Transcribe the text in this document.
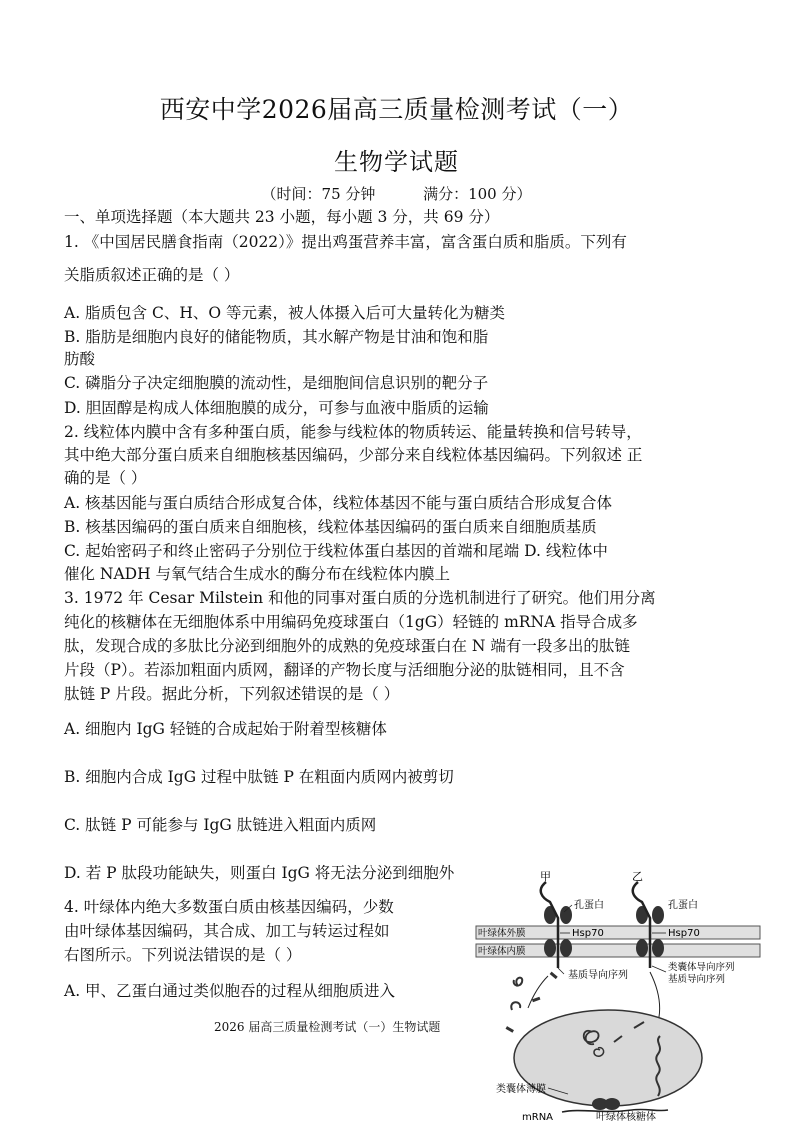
西安中学2026届高三质量检测考试（一）
生物学试题
（时间：75 分钟          满分：100 分）

一、单项选择题（本大题共 23 小题，每小题 3 分，共 69 分）

1. 《中国居民膳食指南（2022）》提出鸡蛋营养丰富，富含蛋白质和脂质。下列有

关脂质叙述正确的是（ ）

A. 脂质包含 C、H、O 等元素，被人体摄入后可大量转化为糖类

B. 脂肪是细胞内良好的储能物质，其水解产物是甘油和饱和脂

肪酸

C. 磷脂分子决定细胞膜的流动性，是细胞间信息识别的靶分子

D. 胆固醇是构成人体细胞膜的成分，可参与血液中脂质的运输

2. 线粒体内膜中含有多种蛋白质，能参与线粒体的物质转运、能量转换和信号转导，

其中绝大部分蛋白质来自细胞核基因编码，少部分来自线粒体基因编码。下列叙述 正

确的是（ ）

A. 核基因能与蛋白质结合形成复合体，线粒体基因不能与蛋白质结合形成复合体

B. 核基因编码的蛋白质来自细胞核，线粒体基因编码的蛋白质来自细胞质基质

C. 起始密码子和终止密码子分别位于线粒体蛋白基因的首端和尾端 D. 线粒体中

催化 NADH 与氧气结合生成水的酶分布在线粒体内膜上

3. 1972 年 Cesar Milstein 和他的同事对蛋白质的分选机制进行了研究。他们用分离

纯化的核糖体在无细胞体系中用编码免疫球蛋白（1gG）轻链的 mRNA 指导合成多

肽，发现合成的多肽比分泌到细胞外的成熟的免疫球蛋白在 N 端有一段多出的肽链

片段（P）。若添加粗面内质网，翻译的产物长度与活细胞分泌的肽链相同，且不含

肽链 P 片段。据此分析，下列叙述错误的是（ ）

A. 细胞内 IgG 轻链的合成起始于附着型核糖体

B. 细胞内合成 IgG 过程中肽链 P 在粗面内质网内被剪切

C. 肽链 P 可能参与 IgG 肽链进入粗面内质网

D. 若 P 肽段功能缺失，则蛋白 IgG 将无法分泌到细胞外

4. 叶绿体内绝大多数蛋白质由核基因编码，少数

由叶绿体基因编码，其合成、加工与转运过程如

右图所示。下列说法错误的是（ ）

A. 甲、乙蛋白通过类似胞吞的过程从细胞质进入

2026 届高三质量检测考试（一）生物试题
甲	乙
叶绿体外膜
叶绿体内膜
孔蛋白	孔蛋白
Hsp70	Hsp70
基质导向序列
类囊体导向序列
基质导向序列
类囊体薄膜
mRNA	叶绿体核糖体
